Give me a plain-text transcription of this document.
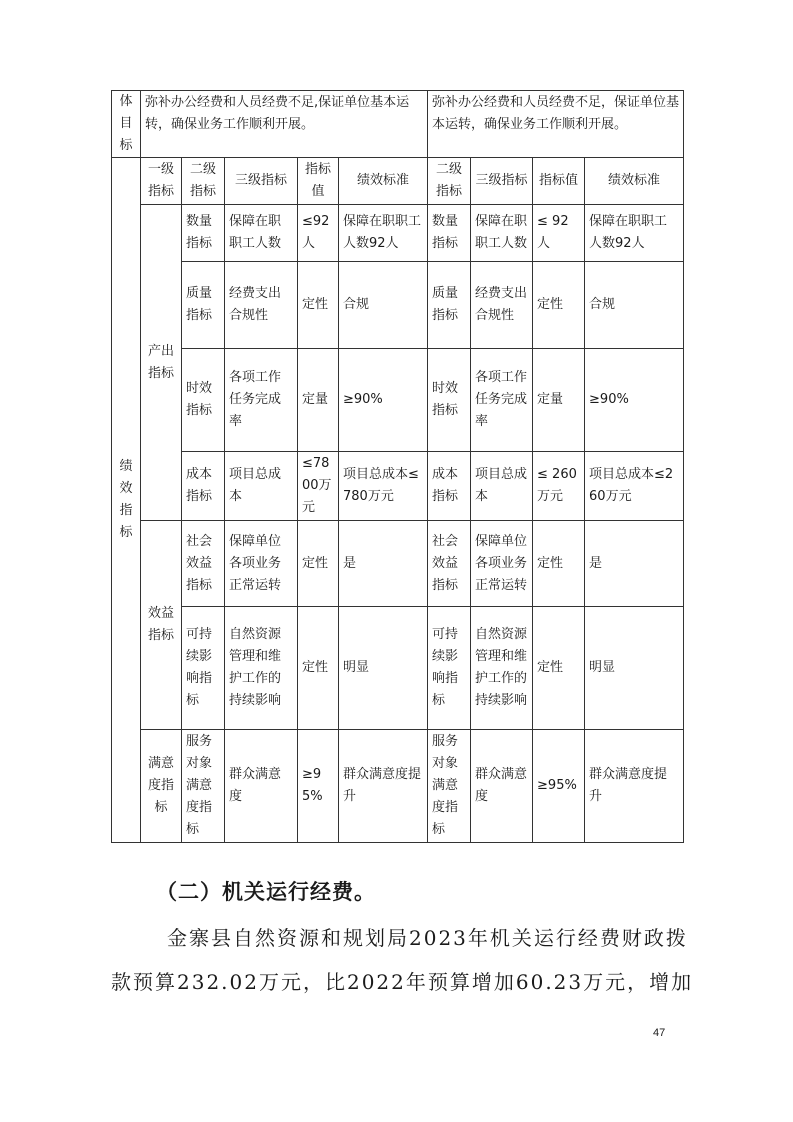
体目标	弥补办公经费和人员经费不足,保证单位基本运转，确保业务工作顺利开展。					弥补办公经费和人员经费不足，保证单位基本运转，确保业务工作顺利开展。			
绩效指标	一级指标	二级指标	三级指标	指标值	绩效标准	二级指标	三级指标	指标值	绩效标准
	产出指标	数量指标	保障在职职工人数	≤92人	保障在职职工人数92人	数量指标	保障在职职工人数	≤ 92人	保障在职职工人数92人
		质量指标	经费支出合规性	定性	合规	质量指标	经费支出合规性	定性	合规
		时效指标	各项工作任务完成率	定量	≥90%	时效指标	各项工作任务完成率	定量	≥90%
		成本指标	项目总成本	≤7800万元	项目总成本≤780万元	成本指标	项目总成本	≤ 260万元	项目总成本≤260万元
	效益指标	社会效益指标	保障单位各项业务正常运转	定性	是	社会效益指标	保障单位各项业务正常运转	定性	是
		可持续影响指标	自然资源管理和维护工作的持续影响	定性	明显	可持续影响指标	自然资源管理和维护工作的持续影响	定性	明显
	满意度指标	服务对象满意度指标	群众满意度	≥95%	群众满意度提升	服务对象满意度指标	群众满意度	≥95%	群众满意度提升
（二）机关运行经费。
金寨县自然资源和规划局2023年机关运行经费财政拨
款预算232.02万元，比2022年预算增加60.23万元，增加
47
